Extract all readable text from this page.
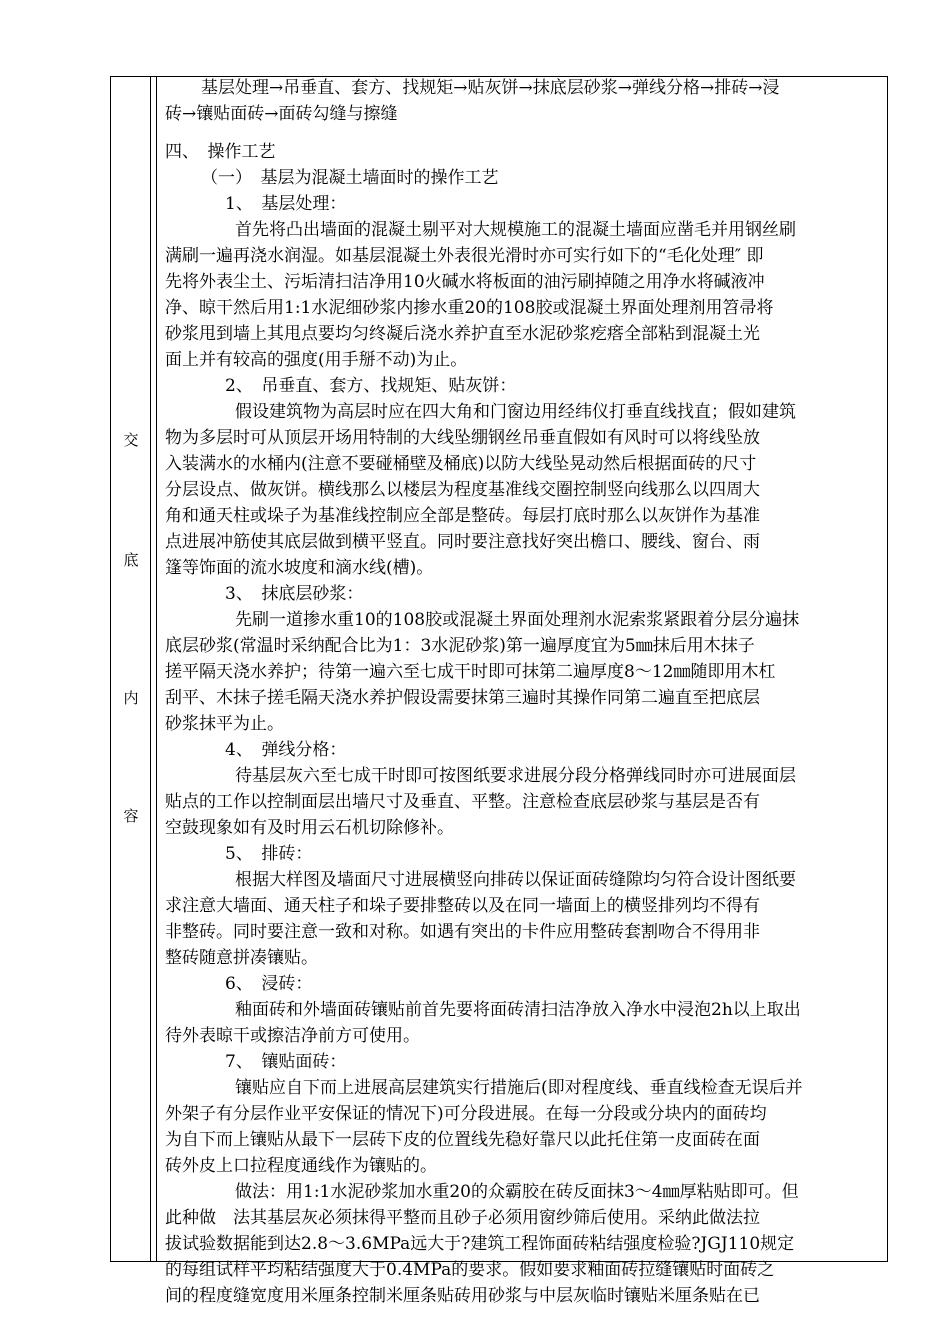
交
底
内
容
基层处理→吊垂直、套方、找规矩→贴灰饼→抹底层砂浆→弹线分格→排砖→浸
砖→镶贴面砖→面砖勾缝与擦缝
四、　操作工艺
（一）　基层为混凝土墙面时的操作工艺
1、　基层处理：
首先将凸出墙面的混凝土剔平对大规模施工的混凝土墙面应凿毛并用钢丝刷
满刷一遍再浇水润湿。如基层混凝土外表很光滑时亦可实行如下的“毛化处理″ 即
先将外表尘土、污垢清扫洁净用10火碱水将板面的油污刷掉随之用净水将碱液冲
净、晾干然后用1:1水泥细砂浆内掺水重20的108胶或混凝土界面处理剂用笤帚将
砂浆甩到墙上其甩点要均匀终凝后浇水养护直至水泥砂浆疙瘩全部粘到混凝土光
面上并有较高的强度(用手掰不动)为止。
2、　吊垂直、套方、找规矩、贴灰饼：
假设建筑物为高层时应在四大角和门窗边用经纬仪打垂直线找直；假如建筑
物为多层时可从顶层开场用特制的大线坠绷钢丝吊垂直假如有风时可以将线坠放
入装满水的水桶内(注意不要碰桶壁及桶底)以防大线坠晃动然后根据面砖的尺寸
分层设点、做灰饼。横线那么以楼层为程度基准线交圈控制竖向线那么以四周大
角和通天柱或垛子为基准线控制应全部是整砖。每层打底时那么以灰饼作为基准
点进展冲筋使其底层做到横平竖直。同时要注意找好突出檐口、腰线、窗台、雨
篷等饰面的流水坡度和滴水线(槽)。
3、　抹底层砂浆：
先刷一道掺水重10的108胶或混凝土界面处理剂水泥索浆紧跟着分层分遍抹
底层砂浆(常温时采纳配合比为1：3水泥砂浆)第一遍厚度宜为5㎜抹后用木抹子
搓平隔天浇水养护；待第一遍六至七成干时即可抹第二遍厚度8～12㎜随即用木杠
刮平、木抹子搓毛隔天浇水养护假设需要抹第三遍时其操作同第二遍直至把底层
砂浆抹平为止。
4、　弹线分格：
待基层灰六至七成干时即可按图纸要求进展分段分格弹线同时亦可进展面层
贴点的工作以控制面层出墙尺寸及垂直、平整。注意检查底层砂浆与基层是否有
空鼓现象如有及时用云石机切除修补。
5、　排砖：
根据大样图及墙面尺寸进展横竖向排砖以保证面砖缝隙均匀符合设计图纸要
求注意大墙面、通天柱子和垛子要排整砖以及在同一墙面上的横竖排列均不得有
非整砖。同时要注意一致和对称。如遇有突出的卡件应用整砖套割吻合不得用非
整砖随意拼凑镶贴。
6、　浸砖：
釉面砖和外墙面砖镶贴前首先要将面砖清扫洁净放入净水中浸泡2h以上取出
待外表晾干或擦洁净前方可使用。
7、　镶贴面砖：
镶贴应自下而上进展高层建筑实行措施后(即对程度线、垂直线检查无误后并
外架子有分层作业平安保证的情况下)可分段进展。在每一分段或分块内的面砖均
为自下而上镶贴从最下一层砖下皮的位置线先稳好靠尺以此托住第一皮面砖在面
砖外皮上口拉程度通线作为镶贴的。
做法：用1:1水泥砂浆加水重20的众霸胶在砖反面抹3～4㎜厚粘贴即可。但
此种做　法其基层灰必须抹得平整而且砂子必须用窗纱筛后使用。采纳此做法拉
拔试验数据能到达2.8～3.6MPa远大于?建筑工程饰面砖粘结强度检验?JGJ110规定
的每组试样平均粘结强度大于0.4MPa的要求。假如要求釉面砖拉缝镶贴时面砖之
间的程度缝宽度用米厘条控制米厘条贴砖用砂浆与中层灰临时镶贴米厘条贴在已
